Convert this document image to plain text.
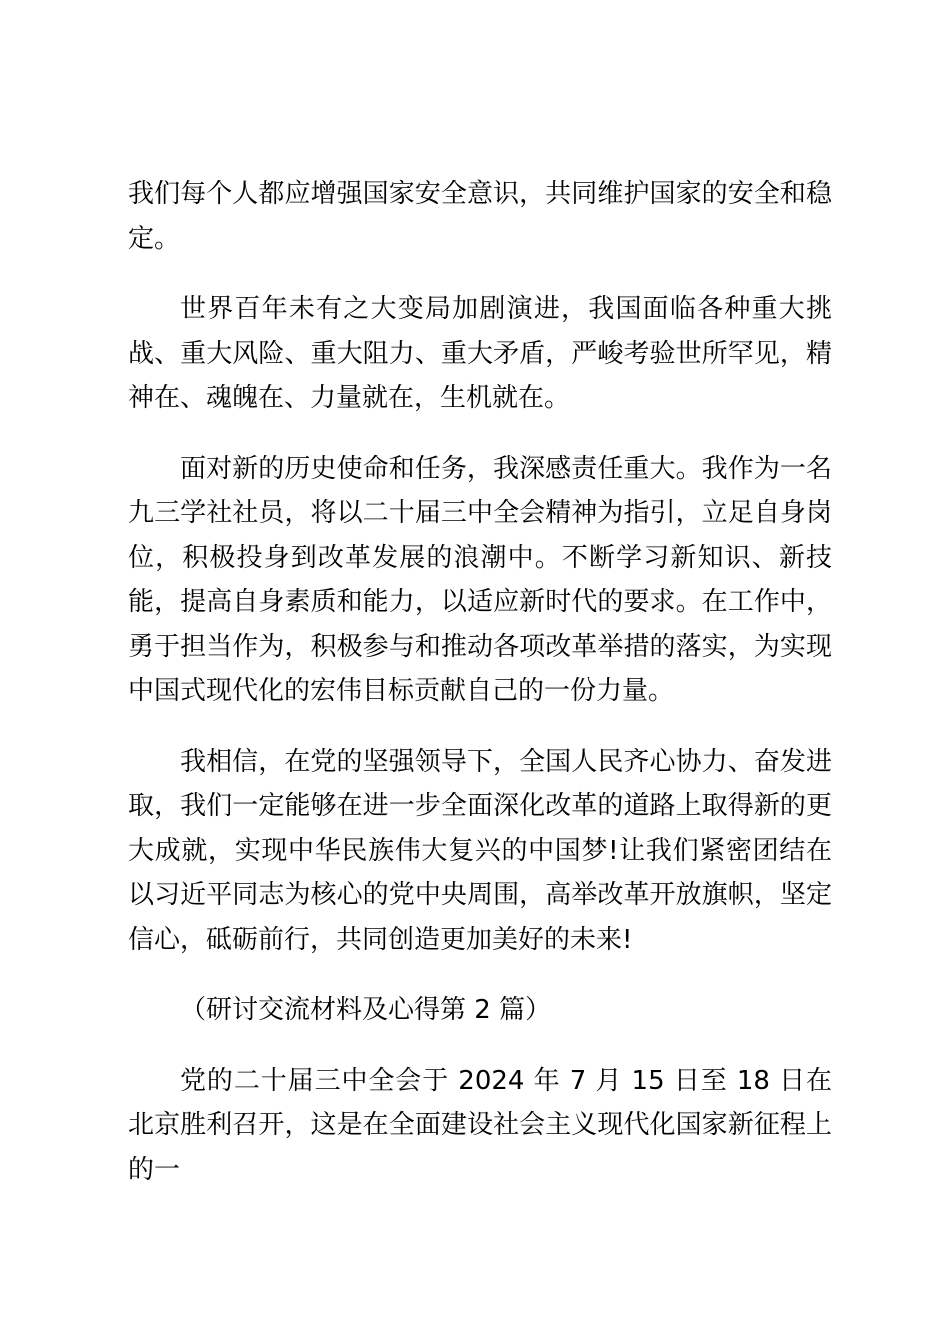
我们每个人都应增强国家安全意识，共同维护国家的安全和稳定。

世界百年未有之大变局加剧演进，我国面临各种重大挑战、重大风险、重大阻力、重大矛盾，严峻考验世所罕见，精神在、魂魄在、力量就在，生机就在。

面对新的历史使命和任务，我深感责任重大。我作为一名九三学社社员，将以二十届三中全会精神为指引，立足自身岗位，积极投身到改革发展的浪潮中。不断学习新知识、新技能，提高自身素质和能力，以适应新时代的要求。在工作中，勇于担当作为，积极参与和推动各项改革举措的落实，为实现中国式现代化的宏伟目标贡献自己的一份力量。

我相信，在党的坚强领导下，全国人民齐心协力、奋发进取，我们一定能够在进一步全面深化改革的道路上取得新的更大成就，实现中华民族伟大复兴的中国梦!让我们紧密团结在以习近平同志为核心的党中央周围，高举改革开放旗帜，坚定信心，砥砺前行，共同创造更加美好的未来!

（研讨交流材料及心得第 2 篇）

党的二十届三中全会于 2024 年 7 月 15 日至 18 日在北京胜利召开，这是在全面建设社会主义现代化国家新征程上的一
